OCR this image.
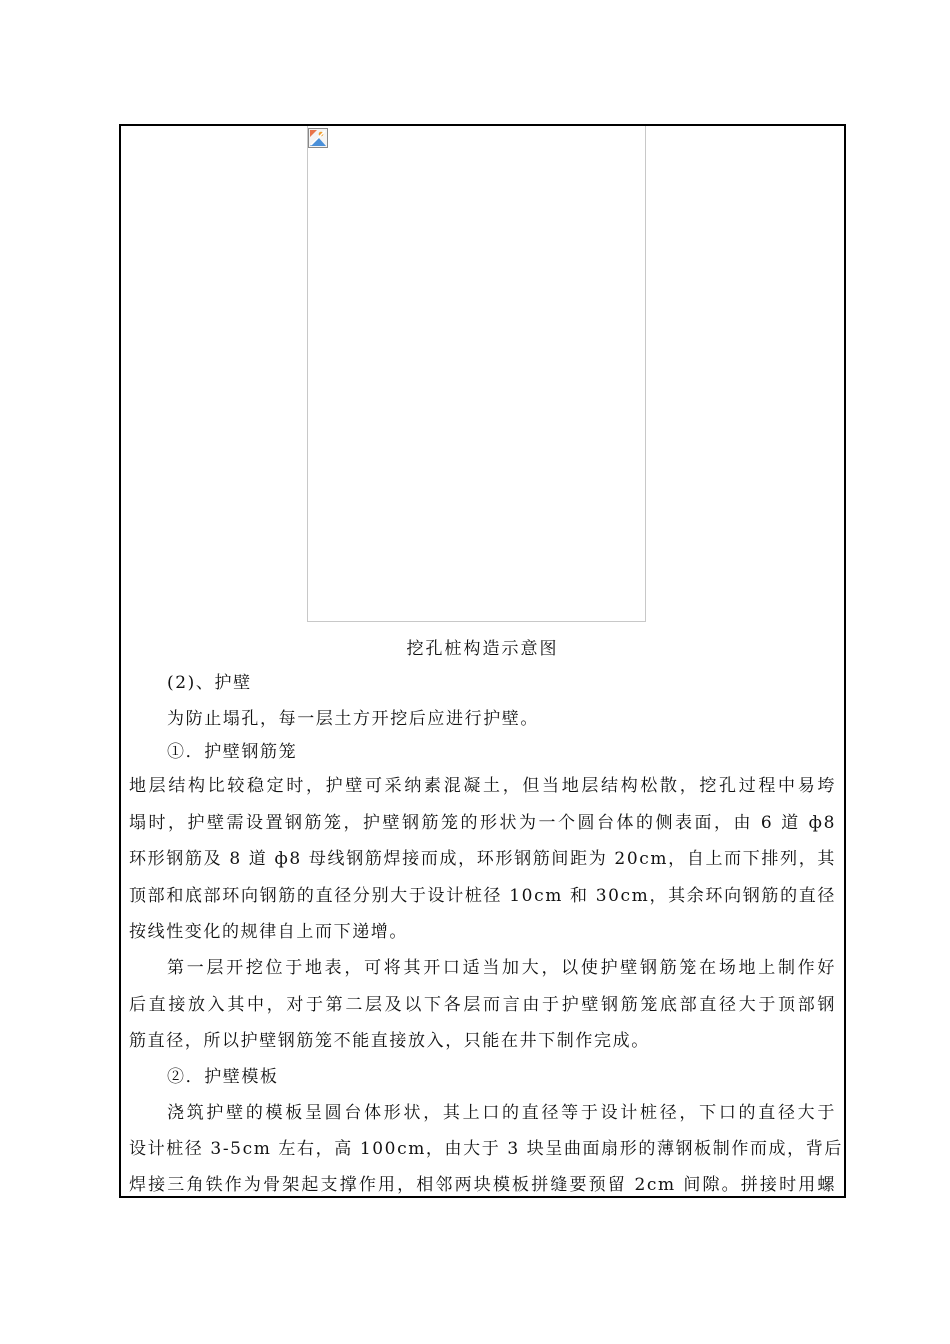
挖孔桩构造示意图
(2)、护壁
为防止塌孔，每一层土方开挖后应进行护壁。
①．护壁钢筋笼
地层结构比较稳定时，护壁可采纳素混凝土，但当地层结构松散，挖孔过程中易垮
塌时，护壁需设置钢筋笼，护壁钢筋笼的形状为一个圆台体的侧表面，由 6 道 ф8
环形钢筋及 8 道 ф8 母线钢筋焊接而成，环形钢筋间距为 20cm，自上而下排列，其
顶部和底部环向钢筋的直径分别大于设计桩径 10cm 和 30cm，其余环向钢筋的直径
按线性变化的规律自上而下递增。
第一层开挖位于地表，可将其开口适当加大，以使护壁钢筋笼在场地上制作好
后直接放入其中，对于第二层及以下各层而言由于护壁钢筋笼底部直径大于顶部钢
筋直径，所以护壁钢筋笼不能直接放入，只能在井下制作完成。
②．护壁模板
浇筑护壁的模板呈圆台体形状，其上口的直径等于设计桩径，下口的直径大于
设计桩径 3-5cm 左右，高 100cm，由大于 3 块呈曲面扇形的薄钢板制作而成，背后
焊接三角铁作为骨架起支撑作用，相邻两块模板拼缝要预留 2cm 间隙。拼接时用螺
